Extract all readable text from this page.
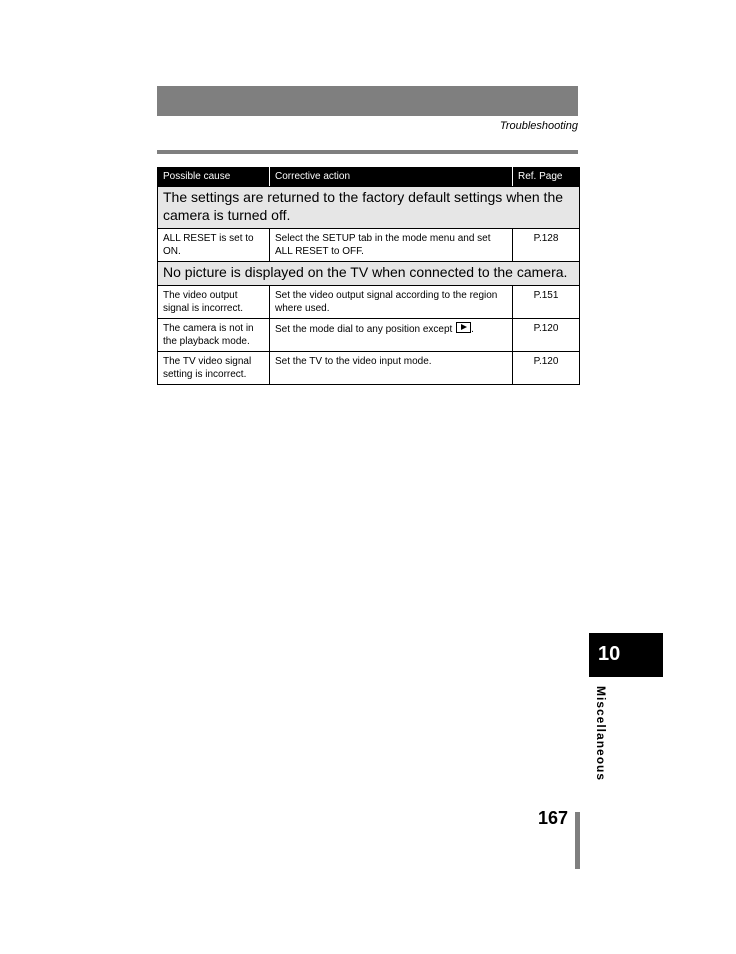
Troubleshooting
Possible cause	Corrective action	Ref. Page
The settings are returned to the factory default settings when the camera is turned off.		
ALL RESET is set to ON.	Select the SETUP tab in the mode menu and set ALL RESET to OFF.	P.128
No picture is displayed on the TV when connected to the camera.		
The video output signal is incorrect.	Set the video output signal according to the region where used.	P.151
The camera is not in the playback mode.	Set the mode dial to any position except .	P.120
The TV video signal setting is incorrect.	Set the TV to the video input mode.	P.120
10
Miscellaneous
167
